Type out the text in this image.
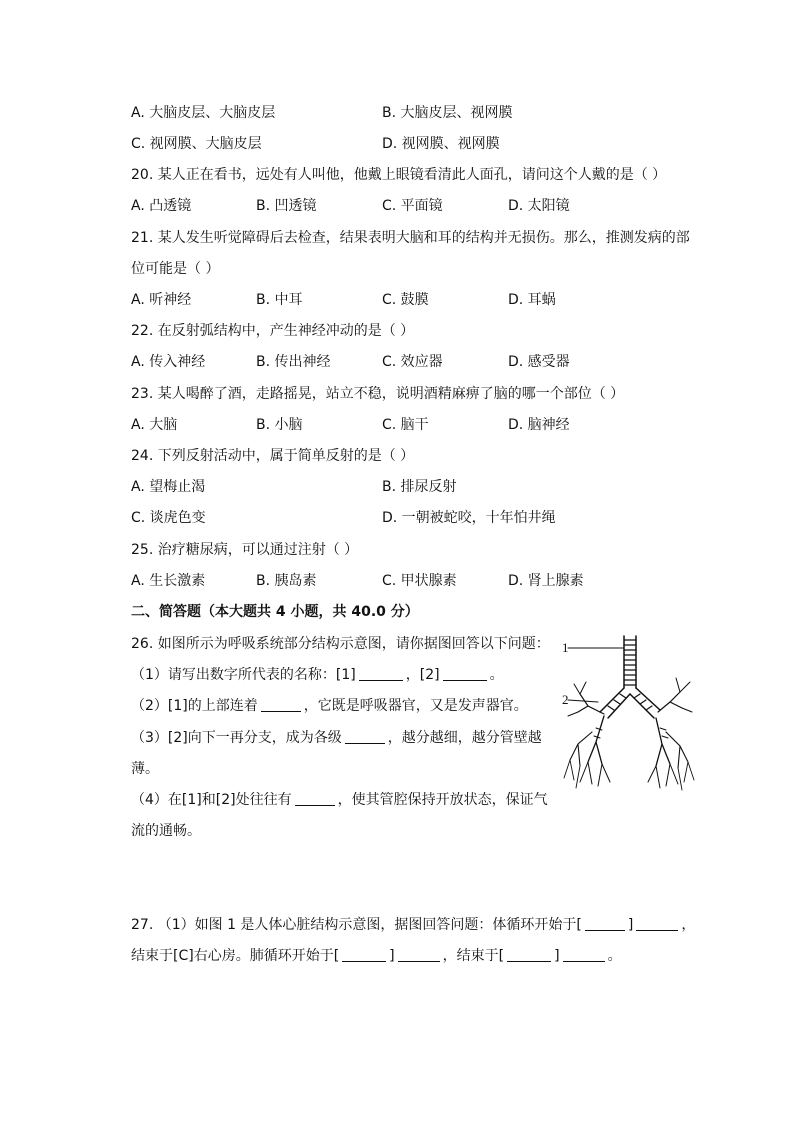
A. 大脑皮层、大脑皮层	B. 大脑皮层、视网膜
C. 视网膜、大脑皮层	D. 视网膜、视网膜
20. 某人正在看书，远处有人叫他，他戴上眼镜看清此人面孔，请问这个人戴的是（ ）
A. 凸透镜	B. 凹透镜	C. 平面镜	D. 太阳镜
21. 某人发生听觉障碍后去检查，结果表明大脑和耳的结构并无损伤。那么，推测发病的部
位可能是（ ）
A. 听神经	B. 中耳	C. 鼓膜	D. 耳蜗
22. 在反射弧结构中，产生神经冲动的是（ ）
A. 传入神经	B. 传出神经	C. 效应器	D. 感受器
23. 某人喝醉了酒，走路摇晃，站立不稳，说明酒精麻痹了脑的哪一个部位（ ）
A. 大脑	B. 小脑	C. 脑干	D. 脑神经
24. 下列反射活动中，属于简单反射的是（ ）
A. 望梅止渴	B. 排尿反射
C. 谈虎色变	D. 一朝被蛇咬，十年怕井绳
25. 治疗糖尿病，可以通过注射（ ）
A. 生长激素	B. 胰岛素	C. 甲状腺素	D. 肾上腺素
二、简答题（本大题共 4 小题，共 40.0 分）
26. 如图所示为呼吸系统部分结构示意图，请你据图回答以下问题：
（1）请写出数字所代表的名称：[1]	，[2]	。
（2）[1]的上部连着	，它既是呼吸器官，又是发声器官。
（3）[2]向下一再分支，成为各级	，越分越细，越分管壁越
薄。
（4）在[1]和[2]处往往有	，使其管腔保持开放状态，保证气
流的通畅。
1
2
27. （1）如图 1 是人体心脏结构示意图，据图回答问题：体循环开始于[	]	，
结束于[C]右心房。肺循环开始于[	]	，结束于[	]	。
